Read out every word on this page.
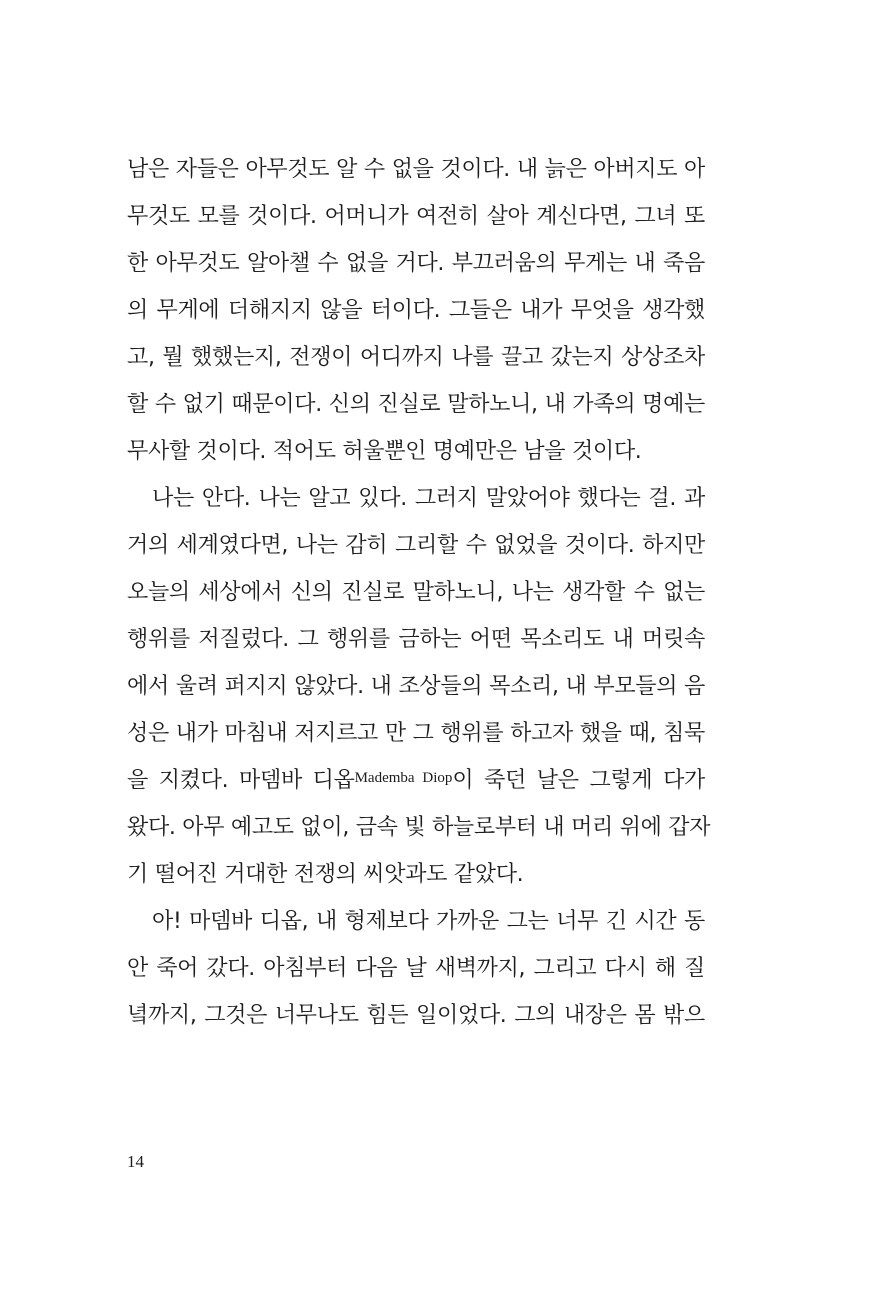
남은 자들은 아무것도 알 수 없을 것이다. 내 늙은 아버지도 아
무것도 모를 것이다. 어머니가 여전히 살아 계신다면, 그녀 또
한 아무것도 알아챌 수 없을 거다. 부끄러움의 무게는 내 죽음
의 무게에 더해지지 않을 터이다. 그들은 내가 무엇을 생각했
고, 뭘 했했는지, 전쟁이 어디까지 나를 끌고 갔는지 상상조차
할 수 없기 때문이다. 신의 진실로 말하노니, 내 가족의 명예는
무사할 것이다. 적어도 허울뿐인 명예만은 남을 것이다.
나는 안다. 나는 알고 있다. 그러지 말았어야 했다는 걸. 과
거의 세계였다면, 나는 감히 그리할 수 없었을 것이다. 하지만
오늘의 세상에서 신의 진실로 말하노니, 나는 생각할 수 없는
행위를 저질렀다. 그 행위를 금하는 어떤 목소리도 내 머릿속
에서 울려 퍼지지 않았다. 내 조상들의 목소리, 내 부모들의 음
성은 내가 마침내 저지르고 만 그 행위를 하고자 했을 때, 침묵
을 지켰다. 마뎀바 디옵$^{Mademba Diop}$이 죽던 날은 그렇게 다가
왔다. 아무 예고도 없이, 금속 빛 하늘로부터 내 머리 위에 갑자
기 떨어진 거대한 전쟁의 씨앗과도 같았다.
아! 마뎀바 디옵, 내 형제보다 가까운 그는 너무 긴 시간 동
안 죽어 갔다. 아침부터 다음 날 새벽까지, 그리고 다시 해 질
녘까지, 그것은 너무나도 힘든 일이었다. 그의 내장은 몸 밖으
14
